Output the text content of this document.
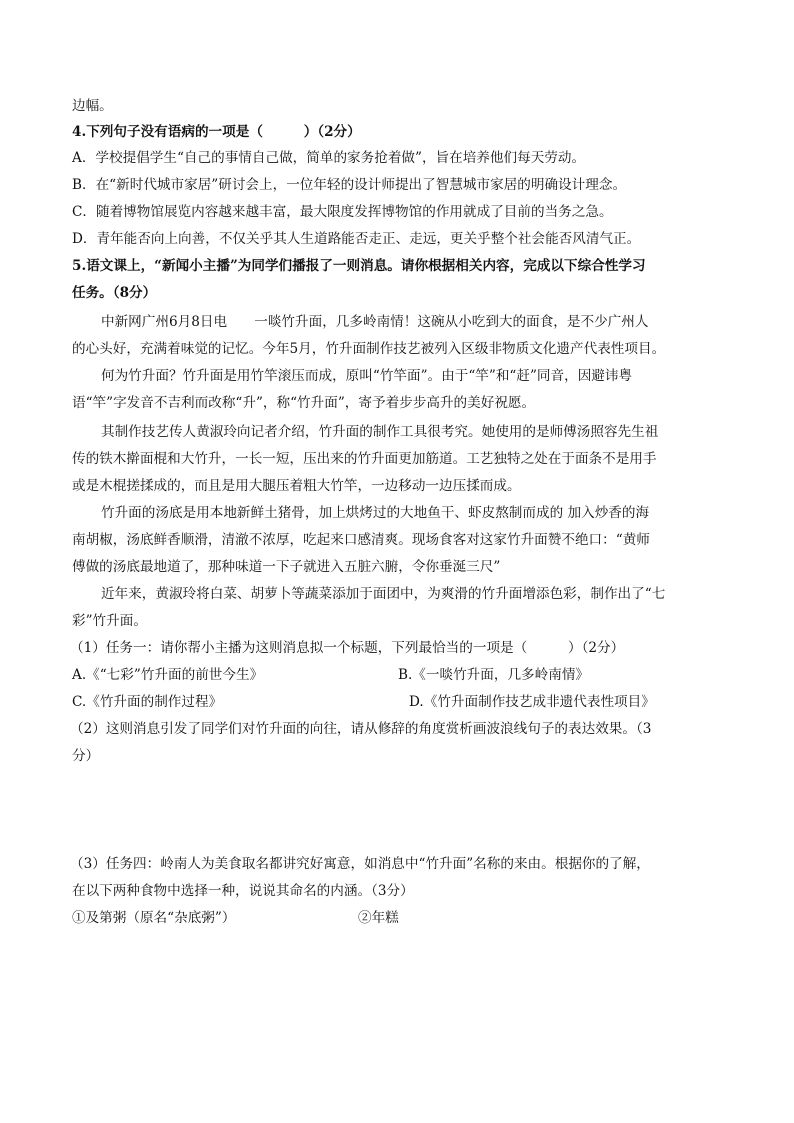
边幅。
4.下列句子没有语病的一项是（　　　）（2分）
A．学校提倡学生“自己的事情自己做，简单的家务抢着做”，旨在培养他们每天劳动。
B．在“新时代城市家居”研讨会上，一位年轻的设计师提出了智慧城市家居的明确设计理念。
C．随着博物馆展览内容越来越丰富，最大限度发挥博物馆的作用就成了目前的当务之急。
D．青年能否向上向善，不仅关乎其人生道路能否走正、走远，更关乎整个社会能否风清气正。
5.语文课上，“新闻小主播”为同学们播报了一则消息。请你根据相关内容，完成以下综合性学习
任务。（8分）
中新网广州6月8日电　　一啖竹升面，几多岭南情！这碗从小吃到大的面食，是不少广州人
的心头好，充满着味觉的记忆。今年5月，竹升面制作技艺被列入区级非物质文化遗产代表性项目。
何为竹升面？竹升面是用竹竿滚压而成，原叫“竹竿面”。由于“竿”和“赶”同音，因避讳粤
语“竿”字发音不吉利而改称“升”，称“竹升面”，寄予着步步高升的美好祝愿。
其制作技艺传人黄淑玲向记者介绍，竹升面的制作工具很考究。她使用的是师傅汤照容先生祖
传的铁木擀面棍和大竹升，一长一短，压出来的竹升面更加筋道。工艺独特之处在于面条不是用手
或是木棍搓揉成的，而且是用大腿压着粗大竹竿，一边移动一边压揉而成。
竹升面的汤底是用本地新鲜土猪骨，加上烘烤过的大地鱼干、虾皮熬制而成的 加入炒香的海
南胡椒，汤底鲜香顺滑，清澈不浓厚，吃起来口感清爽。现场食客对这家竹升面赞不绝口：“黄师
傅做的汤底最地道了，那种味道一下子就进入五脏六腑，令你垂涎三尺”
近年来，黄淑玲将白菜、胡萝卜等蔬菜添加于面团中，为爽滑的竹升面增添色彩，制作出了“七
彩”竹升面。
（1）任务一：请你帮小主播为这则消息拟一个标题，下列最恰当的一项是（　　　）（2分）
A.《“七彩”竹升面的前世今生》	B.《一啖竹升面，几多岭南情》
C.《竹升面的制作过程》	D.《竹升面制作技艺成非遗代表性项目》
（2）这则消息引发了同学们对竹升面的向往，请从修辞的角度赏析画波浪线句子的表达效果。（3
分）
（3）任务四：岭南人为美食取名都讲究好寓意，如消息中“竹升面”名称的来由。根据你的了解，
在以下两种食物中选择一种，说说其命名的内涵。（3分）
①及第粥（原名“杂底粥”）	②年糕
